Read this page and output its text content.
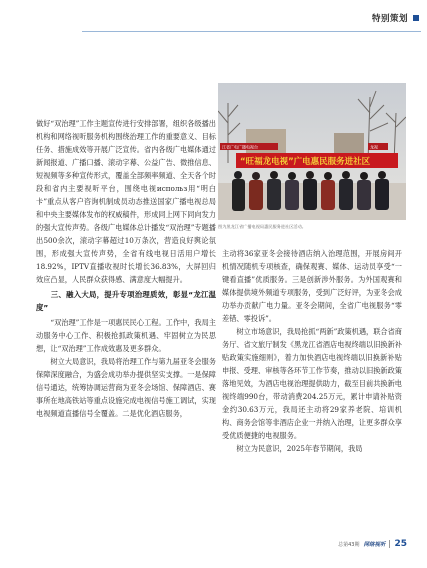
特别策划
江省广电广播电视台	龙视
“旺福龙电视”广电惠民服务进社区
图为黑龙江省广播电视局惠民服务进社区活动。

做好“双治理”工作主题宣传进行安排部署，组织各级播出机构和网络视听服务机构围绕治理工作的重要意义、目标任务、措施成效等开展广泛宣传。省内各级广电媒体通过新闻报道、广播口播、滚动字幕、公益广告、微推信息、短视频等多种宣传形式，覆盖全部频率频道、全天各个时段和省内主要视听平台，围绕电视использ用“明白卡”重点从客户咨询机制成员动态推送国家广播电视总局和中央主要媒体发布的权威稿件，形成同上网下同向发力的强大宣传声势。各级广电媒体总计播发“双治理”专题播出500余次，滚动字幕超过10万条次，营造良好舆论氛围，形成强大宣传声势，全省有线电视日活用户增长18.92%，IPTV直播收视时长增长36.83%，大屏回归效应凸显，人民群众获得感、满意度大幅提升。

三、融入大局，提升专项治理质效，彰显“龙江温度”

“双治理”工作是一项惠民民心工程。工作中，我局主动服务中心工作、积极抢抓政策机遇、牢固树立为民思想，让“双治理”工作成效惠及更多群众。

树立大局意识，我局将治理工作与第九届亚冬会服务保障深度融合，为盛会成功举办提供坚实支撑。一是保障信号通达，统筹协调运营商为亚冬会场馆、保障酒店、赛事所在地高铁站等重点设施完成电视信号施工调试，实现电视频道直播信号全覆盖。二是优化酒店服务，

主动将36家亚冬会接待酒店纳入治理范围，开展房间开机情况随机专项核查，确保观赛、媒体、运动员享受“一键看直播”优质服务。三是创新涉外服务。为外国观赛和媒体提供境外频道专项服务，受到广泛好评，为亚冬会成功举办贡献广电力量。亚冬会期间，全省广电视服务“零差错、零投诉”。

树立市场意识，我局抢抓“两新”政策机遇，联合省商务厅、省文旅厅制发《黑龙江省酒店电视终端以旧换新补贴政策实施细则》，着力加快酒店电视终端以旧换新补贴申报、受理、审核等各环节工作节奏，推动以旧换新政策落地见效，为酒店电视治理提供助力，截至目前共换新电视终端990台，带动消费204.25万元，累计申请补贴资金约30.63万元，我局还主动将29家养老院、培训机构、商务会馆等非酒店企业一并纳入治理，让更多群众享受优质便捷的电视服务。

树立为民意识，2025年春节期间，我局

总第43期 网络视听 25
